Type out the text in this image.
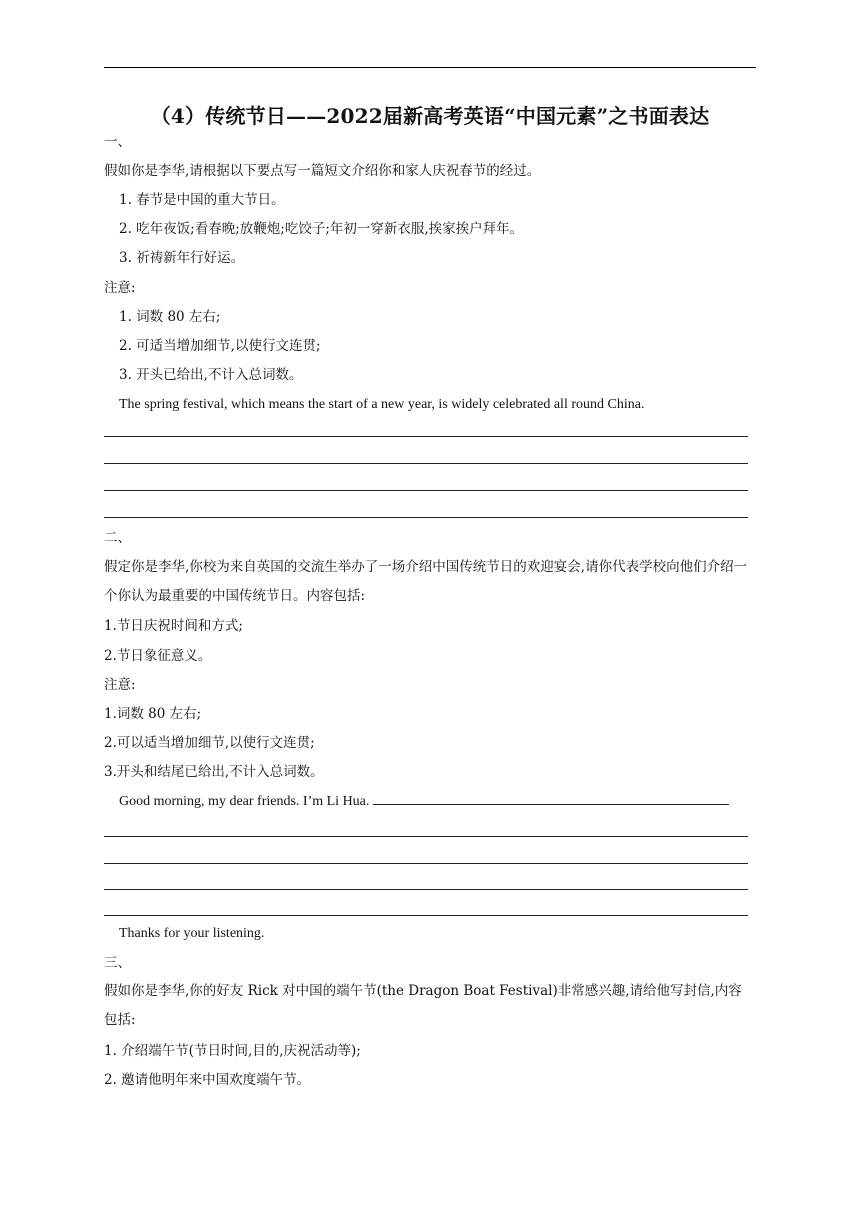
（4）传统节日——2022届新高考英语“中国元素”之书面表达
一、
假如你是李华,请根据以下要点写一篇短文介绍你和家人庆祝春节的经过。
1. 春节是中国的重大节日。
2. 吃年夜饭;看春晚;放鞭炮;吃饺子;年初一穿新衣服,挨家挨户拜年。
3. 祈祷新年行好运。
注意:
1. 词数 80 左右;
2. 可适当增加细节,以使行文连贯;
3. 开头已给出,不计入总词数。
The spring festival, which means the start of a new year, is widely celebrated all round China.
二、
假定你是李华,你校为来自英国的交流生举办了一场介绍中国传统节日的欢迎宴会,请你代表学校向他们介绍一个你认为最重要的中国传统节日。内容包括:
1.节日庆祝时间和方式;
2.节日象征意义。
注意:
1.词数 80 左右;
2.可以适当增加细节,以使行文连贯;
3.开头和结尾已给出,不计入总词数。
Good morning, my dear friends. I’m Li Hua.
Thanks for your listening.
三、
假如你是李华,你的好友 Rick 对中国的端午节(the Dragon Boat Festival)非常感兴趣,请给他写封信,内容包括:
1. 介绍端午节(节日时间,目的,庆祝活动等);
2. 邀请他明年来中国欢度端午节。
